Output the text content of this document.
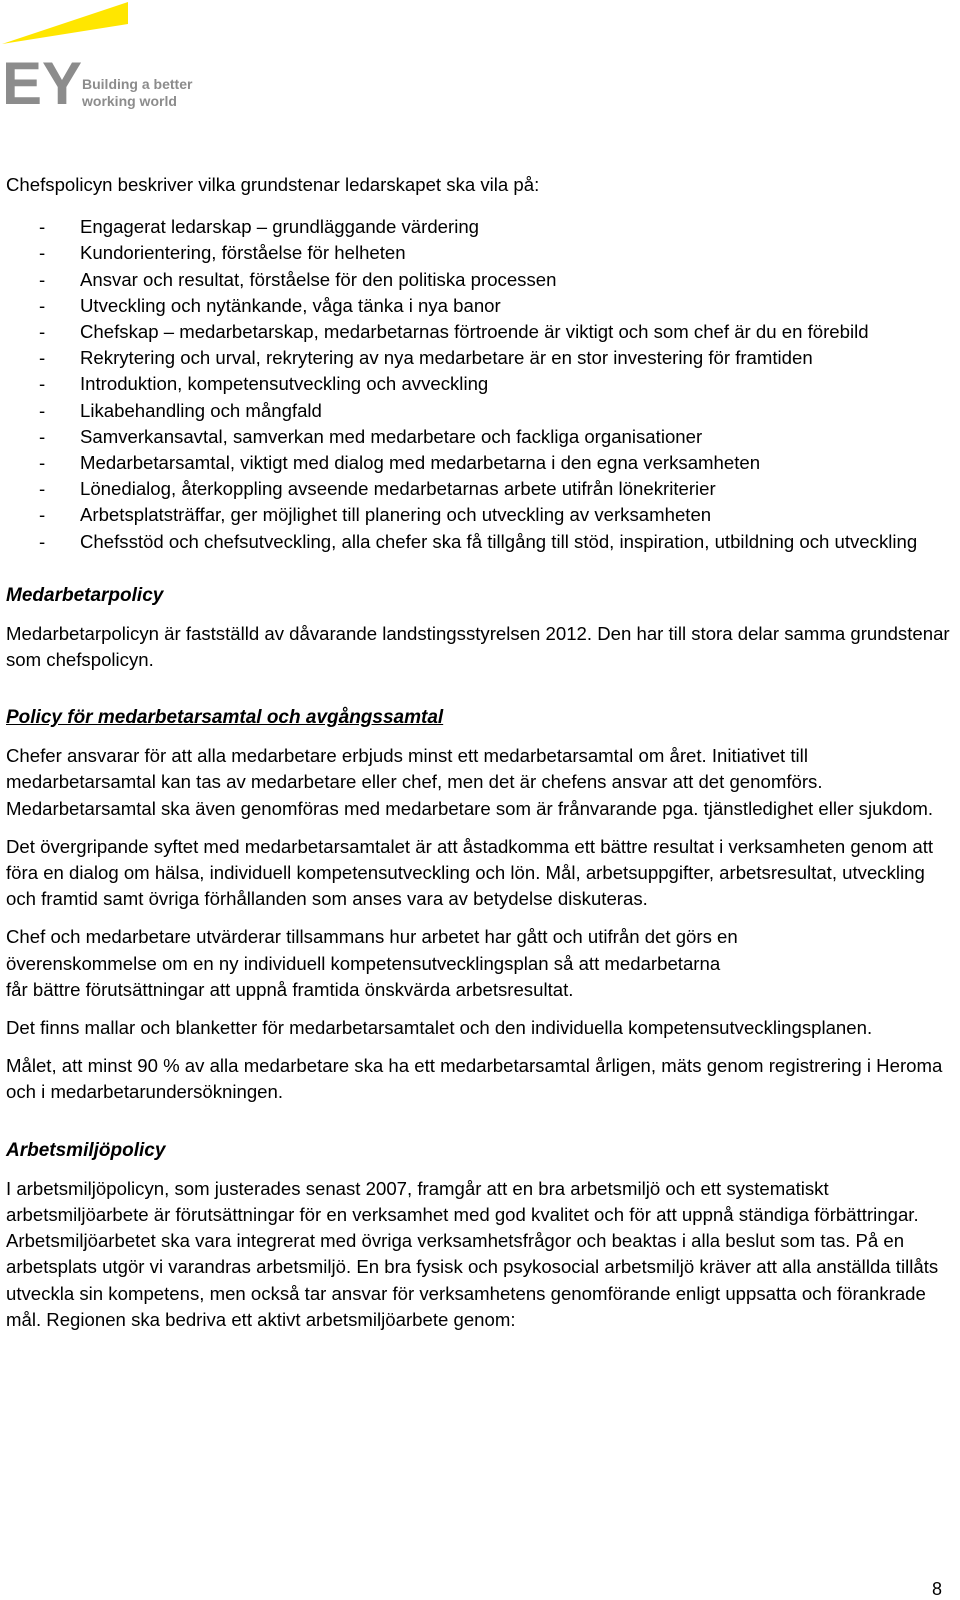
EY Building a better
working world

Chefspolicyn beskriver vilka grundstenar ledarskapet ska vila på:

- Engagerat ledarskap – grundläggande värdering
- Kundorientering, förståelse för helheten
- Ansvar och resultat, förståelse för den politiska processen
- Utveckling och nytänkande, våga tänka i nya banor
- Chefskap – medarbetarskap, medarbetarnas förtroende är viktigt och som chef är du en förebild
- Rekrytering och urval, rekrytering av nya medarbetare är en stor investering för framtiden
- Introduktion, kompetensutveckling och avveckling
- Likabehandling och mångfald
- Samverkansavtal, samverkan med medarbetare och fackliga organisationer
- Medarbetarsamtal, viktigt med dialog med medarbetarna i den egna verksamheten
- Lönedialog, återkoppling avseende medarbetarnas arbete utifrån lönekriterier
- Arbetsplatsträffar, ger möjlighet till planering och utveckling av verksamheten
- Chefsstöd och chefsutveckling, alla chefer ska få tillgång till stöd, inspiration, utbildning och utveckling
Medarbetarpolicy

Medarbetarpolicyn är fastställd av dåvarande landstingsstyrelsen 2012. Den har till stora delar samma grundstenar som chefspolicyn.

Policy för medarbetarsamtal och avgångssamtal

Chefer ansvarar för att alla medarbetare erbjuds minst ett medarbetarsamtal om året. Initiativet till medarbetarsamtal kan tas av medarbetare eller chef, men det är chefens ansvar att det genomförs. Medarbetarsamtal ska även genomföras med medarbetare som är frånvarande pga. tjänstledighet eller sjukdom.

Det övergripande syftet med medarbetarsamtalet är att åstadkomma ett bättre resultat i verksamheten genom att föra en dialog om hälsa, individuell kompetensutveckling och lön. Mål, arbetsuppgifter, arbetsresultat, utveckling och framtid samt övriga förhållanden som anses vara av betydelse diskuteras.

Chef och medarbetare utvärderar tillsammans hur arbetet har gått och utifrån det görs en
överenskommelse om en ny individuell kompetensutvecklingsplan så att medarbetarna
får bättre förutsättningar att uppnå framtida önskvärda arbetsresultat.

Det finns mallar och blanketter för medarbetarsamtalet och den individuella kompetensutvecklingsplanen.

Målet, att minst 90 % av alla medarbetare ska ha ett medarbetarsamtal årligen, mäts genom registrering i Heroma och i medarbetarundersökningen.

Arbetsmiljöpolicy

I arbetsmiljöpolicyn, som justerades senast 2007, framgår att en bra arbetsmiljö och ett systematiskt arbetsmiljöarbete är förutsättningar för en verksamhet med god kvalitet och för att uppnå ständiga förbättringar. Arbetsmiljöarbetet ska vara integrerat med övriga verksamhetsfrågor och beaktas i alla beslut som tas. På en arbetsplats utgör vi varandras arbetsmiljö. En bra fysisk och psykosocial arbetsmiljö kräver att alla anställda tillåts utveckla sin kompetens, men också tar ansvar för verksamhetens genomförande enligt uppsatta och förankrade mål. Regionen ska bedriva ett aktivt arbetsmiljöarbete genom:

8
